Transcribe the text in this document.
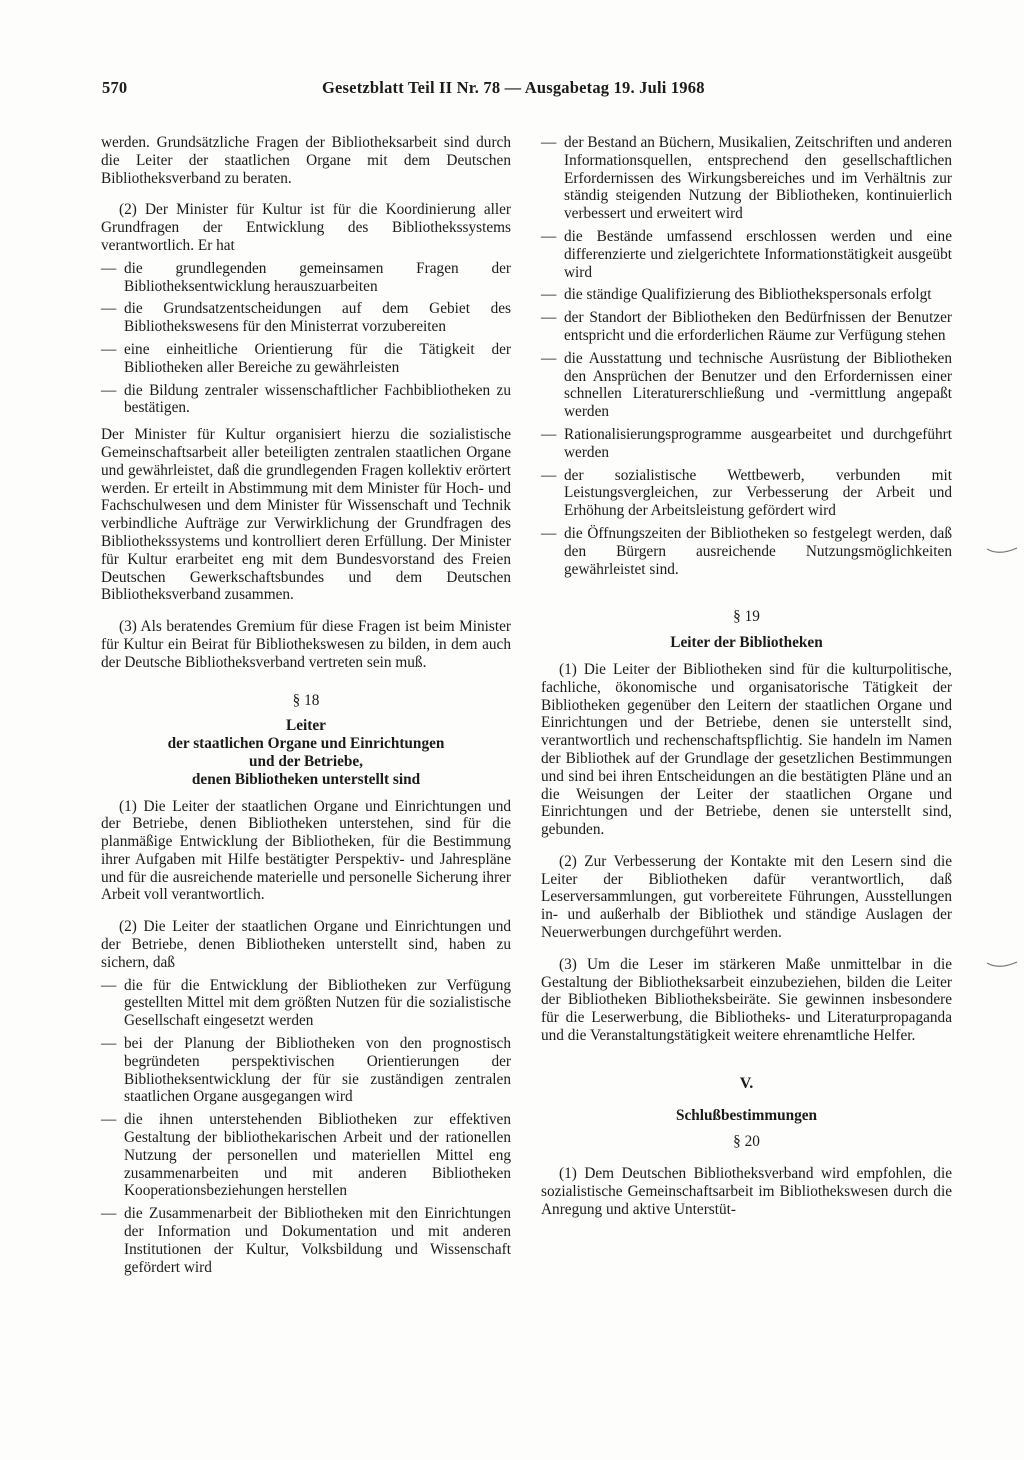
570	Gesetzblatt Teil II Nr. 78 — Ausgabetag 19. Juli 1968

werden. Grundsätzliche Fragen der Bibliotheksarbeit sind durch die Leiter der staatlichen Organe mit dem Deutschen Bibliotheksverband zu beraten.

(2) Der Minister für Kultur ist für die Koordinierung aller Grundfragen der Entwicklung des Bibliothekssystems verantwortlich. Er hat

— die grundlegenden gemeinsamen Fragen der Bibliotheksentwicklung herauszuarbeiten
— die Grundsatzentscheidungen auf dem Gebiet des Bibliothekswesens für den Ministerrat vorzubereiten
— eine einheitliche Orientierung für die Tätigkeit der Bibliotheken aller Bereiche zu gewährleisten
— die Bildung zentraler wissenschaftlicher Fachbibliotheken zu bestätigen.

Der Minister für Kultur organisiert hierzu die sozialistische Gemeinschaftsarbeit aller beteiligten zentralen staatlichen Organe und gewährleistet, daß die grundlegenden Fragen kollektiv erörtert werden. Er erteilt in Abstimmung mit dem Minister für Hoch- und Fachschulwesen und dem Minister für Wissenschaft und Technik verbindliche Aufträge zur Verwirklichung der Grundfragen des Bibliothekssystems und kontrolliert deren Erfüllung. Der Minister für Kultur erarbeitet eng mit dem Bundesvorstand des Freien Deutschen Gewerkschaftsbundes und dem Deutschen Bibliotheksverband zusammen.

(3) Als beratendes Gremium für diese Fragen ist beim Minister für Kultur ein Beirat für Bibliothekswesen zu bilden, in dem auch der Deutsche Bibliotheksverband vertreten sein muß.

§ 18
Leiter
der staatlichen Organe und Einrichtungen
und der Betriebe,
denen Bibliotheken unterstellt sind

(1) Die Leiter der staatlichen Organe und Einrichtungen und der Betriebe, denen Bibliotheken unterstehen, sind für die planmäßige Entwicklung der Bibliotheken, für die Bestimmung ihrer Aufgaben mit Hilfe bestätigter Perspektiv- und Jahrespläne und für die ausreichende materielle und personelle Sicherung ihrer Arbeit voll verantwortlich.

(2) Die Leiter der staatlichen Organe und Einrichtungen und der Betriebe, denen Bibliotheken unterstellt sind, haben zu sichern, daß

— die für die Entwicklung der Bibliotheken zur Verfügung gestellten Mittel mit dem größten Nutzen für die sozialistische Gesellschaft eingesetzt werden
— bei der Planung der Bibliotheken von den prognostisch begründeten perspektivischen Orientierungen der Bibliotheksentwicklung der für sie zuständigen zentralen staatlichen Organe ausgegangen wird
— die ihnen unterstehenden Bibliotheken zur effektiven Gestaltung der bibliothekarischen Arbeit und der rationellen Nutzung der personellen und materiellen Mittel eng zusammenarbeiten und mit anderen Bibliotheken Kooperationsbeziehungen herstellen
— die Zusammenarbeit der Bibliotheken mit den Einrichtungen der Information und Dokumentation und mit anderen Institutionen der Kultur, Volksbildung und Wissenschaft gefördert wird
— der Bestand an Büchern, Musikalien, Zeitschriften und anderen Informationsquellen, entsprechend den gesellschaftlichen Erfordernissen des Wirkungsbereiches und im Verhältnis zur ständig steigenden Nutzung der Bibliotheken, kontinuierlich verbessert und erweitert wird
— die Bestände umfassend erschlossen werden und eine differenzierte und zielgerichtete Informationstätigkeit ausgeübt wird
— die ständige Qualifizierung des Bibliothekspersonals erfolgt
— der Standort der Bibliotheken den Bedürfnissen der Benutzer entspricht und die erforderlichen Räume zur Verfügung stehen
— die Ausstattung und technische Ausrüstung der Bibliotheken den Ansprüchen der Benutzer und den Erfordernissen einer schnellen Literaturerschließung und -vermittlung angepaßt werden
— Rationalisierungsprogramme ausgearbeitet und durchgeführt werden
— der sozialistische Wettbewerb, verbunden mit Leistungsvergleichen, zur Verbesserung der Arbeit und Erhöhung der Arbeitsleistung gefördert wird
— die Öffnungszeiten der Bibliotheken so festgelegt werden, daß den Bürgern ausreichende Nutzungsmöglichkeiten gewährleistet sind.
§ 19
Leiter der Bibliotheken

(1) Die Leiter der Bibliotheken sind für die kulturpolitische, fachliche, ökonomische und organisatorische Tätigkeit der Bibliotheken gegenüber den Leitern der staatlichen Organe und Einrichtungen und der Betriebe, denen sie unterstellt sind, verantwortlich und rechenschaftspflichtig. Sie handeln im Namen der Bibliothek auf der Grundlage der gesetzlichen Bestimmungen und sind bei ihren Entscheidungen an die bestätigten Pläne und an die Weisungen der Leiter der staatlichen Organe und Einrichtungen und der Betriebe, denen sie unterstellt sind, gebunden.

(2) Zur Verbesserung der Kontakte mit den Lesern sind die Leiter der Bibliotheken dafür verantwortlich, daß Leserversammlungen, gut vorbereitete Führungen, Ausstellungen in- und außerhalb der Bibliothek und ständige Auslagen der Neuerwerbungen durchgeführt werden.

(3) Um die Leser im stärkeren Maße unmittelbar in die Gestaltung der Bibliotheksarbeit einzubeziehen, bilden die Leiter der Bibliotheken Bibliotheksbeiräte. Sie gewinnen insbesondere für die Leserwerbung, die Bibliotheks- und Literaturpropaganda und die Veranstaltungstätigkeit weitere ehrenamtliche Helfer.

V.
Schlußbestimmungen
§ 20

(1) Dem Deutschen Bibliotheksverband wird empfohlen, die sozialistische Gemeinschaftsarbeit im Bibliothekswesen durch die Anregung und aktive Unterstüt-
